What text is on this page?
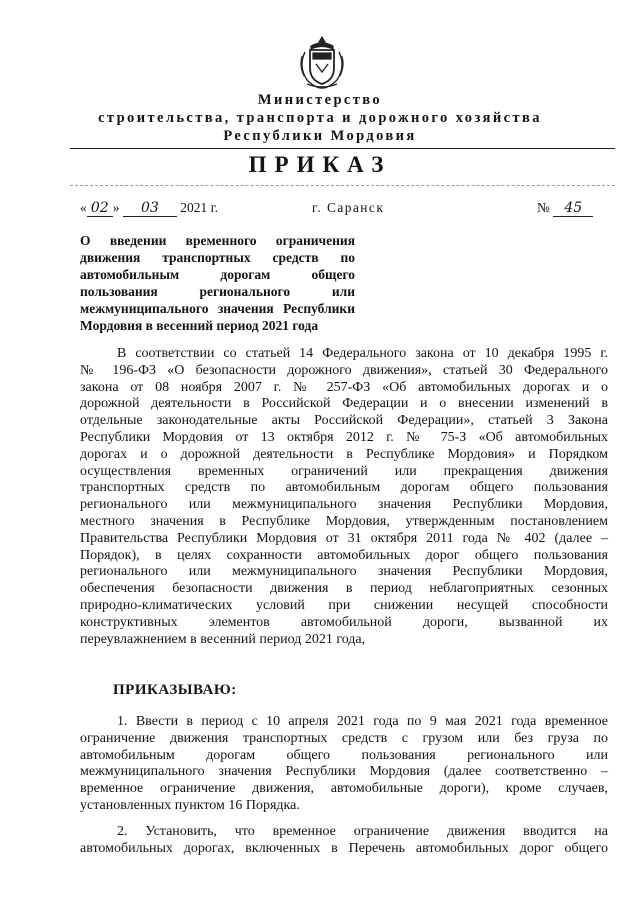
Министерство
строительства, транспорта и дорожного хозяйства
Республики Мордовия
ПРИКАЗ
« 02 » 03 2021 г.	г. Саранск	№ 45
О введении временного ограничения
движения транспортных средств по
автомобильным дорогам общего
пользования регионального или
межмуниципального значения Республики
Мордовия в весенний период 2021 года
В соответствии со статьей 14 Федерального закона от 10 декабря 1995 г.
№ 196-ФЗ «О безопасности дорожного движения», статьей 30 Федерального
закона от 08 ноября 2007 г. № 257-ФЗ «Об автомобильных дорогах и о
дорожной деятельности в Российской Федерации и о внесении изменений в
отдельные законодательные акты Российской Федерации», статьей 3 Закона
Республики Мордовия от 13 октября 2012 г. № 75-З «Об автомобильных
дорогах и о дорожной деятельности в Республике Мордовия» и Порядком
осуществления временных ограничений или прекращения движения
транспортных средств по автомобильным дорогам общего пользования
регионального или межмуниципального значения Республики Мордовия,
местного значения в Республике Мордовия, утвержденным постановлением
Правительства Республики Мордовия от 31 октября 2011 года № 402 (далее –
Порядок), в целях сохранности автомобильных дорог общего пользования
регионального или межмуниципального значения Республики Мордовия,
обеспечения безопасности движения в период неблагоприятных сезонных
природно-климатических условий при снижении несущей способности
конструктивных элементов автомобильной дороги, вызванной их
переувлажнением в весенний период 2021 года,
ПРИКАЗЫВАЮ:
1. Ввести в период с 10 апреля 2021 года по 9 мая 2021 года временное
ограничение движения транспортных средств с грузом или без груза по
автомобильным дорогам общего пользования регионального или
межмуниципального значения Республики Мордовия (далее соответственно –
временное ограничение движения, автомобильные дороги), кроме случаев,
установленных пунктом 16 Порядка.
2. Установить, что временное ограничение движения вводится на
автомобильных дорогах, включенных в Перечень автомобильных дорог общего
